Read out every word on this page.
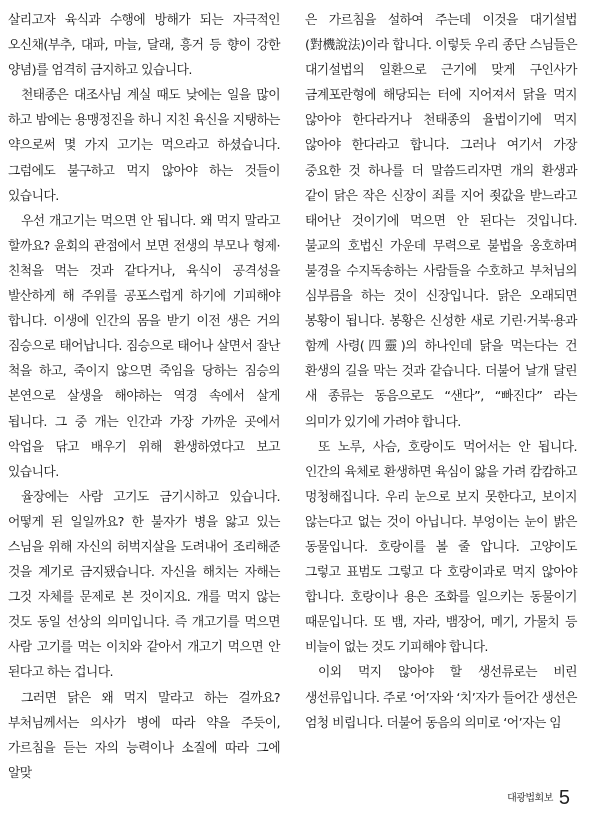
살리고자 육식과 수행에 방해가 되는 자극적인 오신채(부추, 대파, 마늘, 달래, 흥거 등 향이 강한 양념)를 엄격히 금지하고 있습니다.

천태종은 대조사님 계실 때도 낮에는 일을 많이 하고 밤에는 용맹정진을 하니 지친 육신을 지탱하는 약으로써 몇 가지 고기는 먹으라고 하셨습니다. 그럼에도 불구하고 먹지 않아야 하는 것들이 있습니다.

우선 개고기는 먹으면 안 됩니다. 왜 먹지 말라고 할까요? 윤회의 관점에서 보면 전생의 부모나 형제·친척을 먹는 것과 같다거나, 육식이 공격성을 발산하게 해 주위를 공포스럽게 하기에 기피해야 합니다. 이생에 인간의 몸을 받기 이전 생은 거의 짐승으로 태어납니다. 짐승으로 태어나 살면서 잘난 척을 하고, 죽이지 않으면 죽임을 당하는 짐승의 본연으로 살생을 해야하는 역경 속에서 살게 됩니다. 그 중 개는 인간과 가장 가까운 곳에서 악업을 닦고 배우기 위해 환생하였다고 보고 있습니다.

율장에는 사람 고기도 금기시하고 있습니다. 어떻게 된 일일까요? 한 불자가 병을 앓고 있는 스님을 위해 자신의 허벅지살을 도려내어 조리해준 것을 계기로 금지됐습니다. 자신을 해치는 자해는 그것 자체를 문제로 본 것이지요. 개를 먹지 않는 것도 동일 선상의 의미입니다. 즉 개고기를 먹으면 사람 고기를 먹는 이치와 같아서 개고기 먹으면 안 된다고 하는 겁니다.

그러면 닭은 왜 먹지 말라고 하는 걸까요? 부처님께서는 의사가 병에 따라 약을 주듯이, 가르침을 듣는 자의 능력이나 소질에 따라 그에 알맞

은 가르침을 설하여 주는데 이것을 대기설법(對機說法)이라 합니다. 이렇듯 우리 종단 스님들은 대기설법의 일환으로 근기에 맞게 구인사가 금계포란형에 해당되는 터에 지어져서 닭을 먹지 않아야 한다라거나 천태종의 율법이기에 먹지 않아야 한다라고 합니다. 그러나 여기서 가장 중요한 것 하나를 더 말씀드리자면 개의 환생과 같이 닭은 작은 신장이 죄를 지어 죗값을 받느라고 태어난 것이기에 먹으면 안 된다는 것입니다. 불교의 호법신 가운데 무력으로 불법을 옹호하며 불경을 수지독송하는 사람들을 수호하고 부처님의 심부름을 하는 것이 신장입니다. 닭은 오래되면 봉황이 됩니다. 봉황은 신성한 새로 기린·거북·용과 함께 사령(四靈)의 하나인데 닭을 먹는다는 건 환생의 길을 막는 것과 같습니다. 더불어 날개 달린 새 종류는 동음으로도 “샌다”, “빠진다” 라는 의미가 있기에 가려야 합니다.

또 노루, 사슴, 호랑이도 먹어서는 안 됩니다. 인간의 육체로 환생하면 육심이 앓을 가려 캄캄하고 멍청해집니다. 우리 눈으로 보지 못한다고, 보이지 않는다고 없는 것이 아닙니다. 부엉이는 눈이 밝은 동물입니다. 호랑이를 볼 줄 압니다. 고양이도 그렇고 표범도 그렇고 다 호랑이과로 먹지 않아야 합니다. 호랑이나 용은 조화를 일으키는 동물이기 때문입니다. 또 뱀, 자라, 뱀장어, 메기, 가물치 등 비늘이 없는 것도 기피해야 합니다.

이외 먹지 않아야 할 생선류로는 비린 생선류입니다. 주로 ‘어’자와 ‘치’자가 들어간 생선은 엄청 비립니다. 더불어 동음의 의미로 ‘어’자는 임

대광법회보 5
